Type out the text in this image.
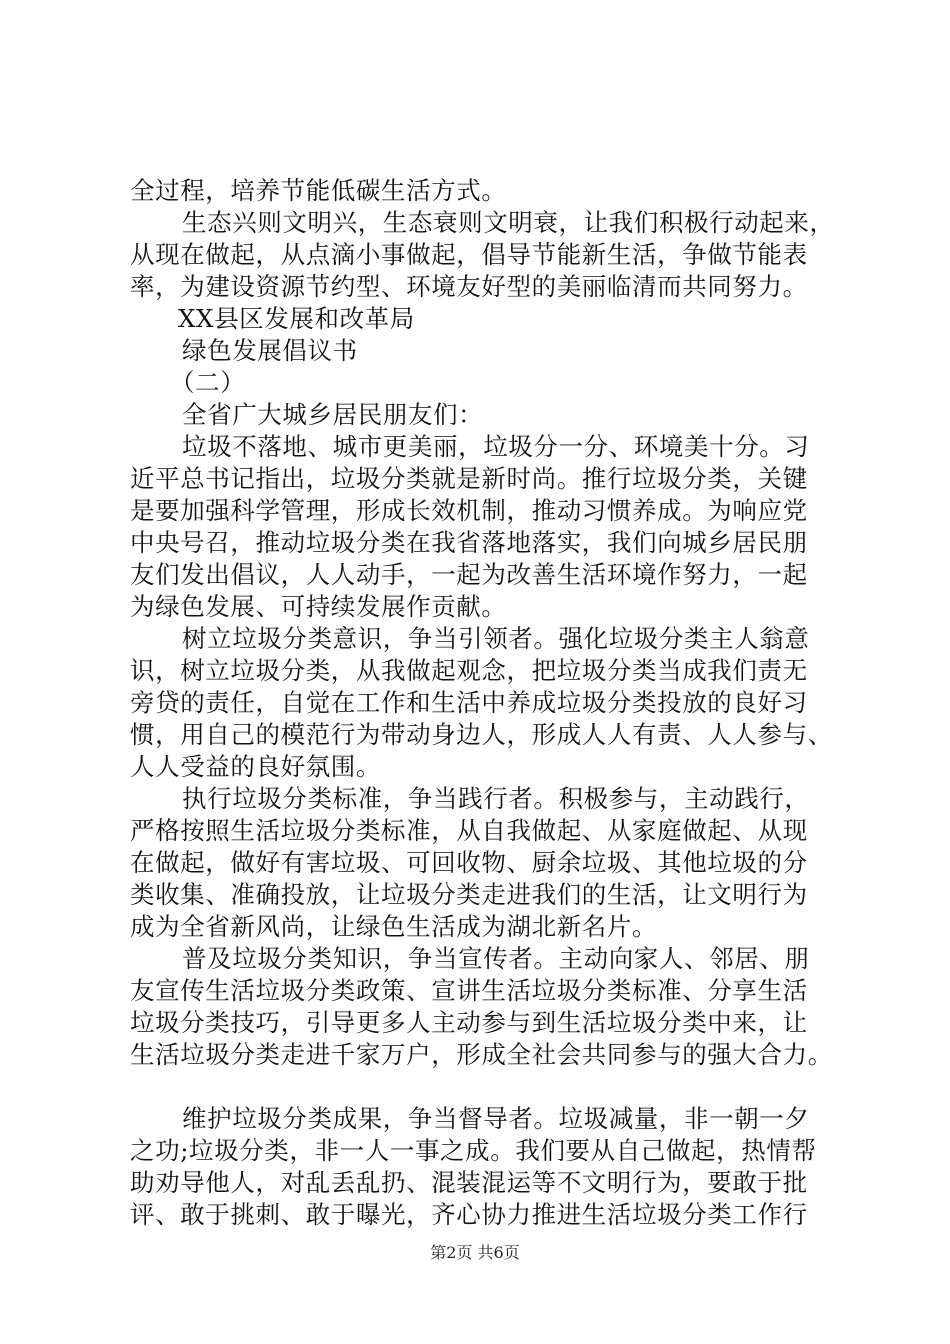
全过程，培养节能低碳生活方式。
生态兴则文明兴，生态衰则文明衰，让我们积极行动起来，
从现在做起，从点滴小事做起，倡导节能新生活，争做节能表
率，为建设资源节约型、环境友好型的美丽临清而共同努力。
XX县区发展和改革局
绿色发展倡议书
（二）
全省广大城乡居民朋友们：
垃圾不落地、城市更美丽，垃圾分一分、环境美十分。习
近平总书记指出，垃圾分类就是新时尚。推行垃圾分类，关键
是要加强科学管理，形成长效机制，推动习惯养成。为响应党
中央号召，推动垃圾分类在我省落地落实，我们向城乡居民朋
友们发出倡议，人人动手，一起为改善生活环境作努力，一起
为绿色发展、可持续发展作贡献。
树立垃圾分类意识，争当引领者。强化垃圾分类主人翁意
识，树立垃圾分类，从我做起观念，把垃圾分类当成我们责无
旁贷的责任，自觉在工作和生活中养成垃圾分类投放的良好习
惯，用自己的模范行为带动身边人，形成人人有责、人人参与、
人人受益的良好氛围。
执行垃圾分类标准，争当践行者。积极参与，主动践行，
严格按照生活垃圾分类标准，从自我做起、从家庭做起、从现
在做起，做好有害垃圾、可回收物、厨余垃圾、其他垃圾的分
类收集、准确投放，让垃圾分类走进我们的生活，让文明行为
成为全省新风尚，让绿色生活成为湖北新名片。
普及垃圾分类知识，争当宣传者。主动向家人、邻居、朋
友宣传生活垃圾分类政策、宣讲生活垃圾分类标准、分享生活
垃圾分类技巧，引导更多人主动参与到生活垃圾分类中来，让
生活垃圾分类走进千家万户，形成全社会共同参与的强大合力。
维护垃圾分类成果，争当督导者。垃圾减量，非一朝一夕
之功;垃圾分类，非一人一事之成。我们要从自己做起，热情帮
助劝导他人，对乱丢乱扔、混装混运等不文明行为，要敢于批
评、敢于挑刺、敢于曝光，齐心协力推进生活垃圾分类工作行
第2页 共6页
